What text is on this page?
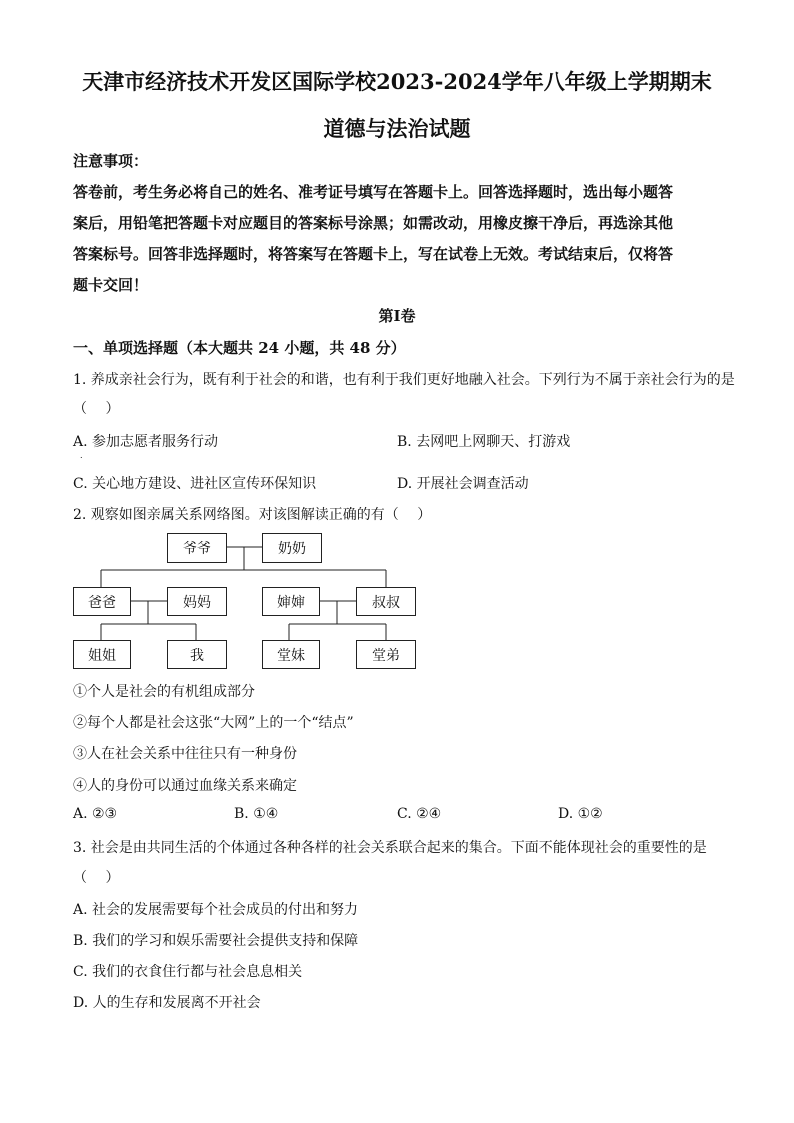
天津市经济技术开发区国际学校2023-2024学年八年级上学期期末
道德与法治试题
注意事项：
答卷前，考生务必将自己的姓名、准考证号填写在答题卡上。回答选择题时，选出每小题答
案后，用铅笔把答题卡对应题目的答案标号涂黑；如需改动，用橡皮擦干净后，再选涂其他
答案标号。回答非选择题时，将答案写在答题卡上，写在试卷上无效。考试结束后，仅将答
题卡交回！
第Ⅰ卷
一、单项选择题（本大题共 24 小题，共 48 分）
1. 养成亲社会行为，既有利于社会的和谐，也有利于我们更好地融入社会。下列行为不属于亲社会行为的是
（　 ）
A. 参加志愿者服务行动	B. 去网吧上网聊天、打游戏
.
C. 关心地方建设、进社区宣传环保知识	D. 开展社会调查活动
2. 观察如图亲属关系网络图。对该图解读正确的有（　 ）
爷爷	奶奶
爸爸	妈妈	婶婶	叔叔
姐姐	我	堂妹	堂弟
①个人是社会的有机组成部分
②每个人都是社会这张“大网”上的一个“结点”
③人在社会关系中往往只有一种身份
④人的身份可以通过血缘关系来确定
A. ②③	B. ①④	C. ②④	D. ①②
3. 社会是由共同生活的个体通过各种各样的社会关系联合起来的集合。下面不能体现社会的重要性的是
（　 ）
A. 社会的发展需要每个社会成员的付出和努力
B. 我们的学习和娱乐需要社会提供支持和保障
C. 我们的衣食住行都与社会息息相关
D. 人的生存和发展离不开社会
